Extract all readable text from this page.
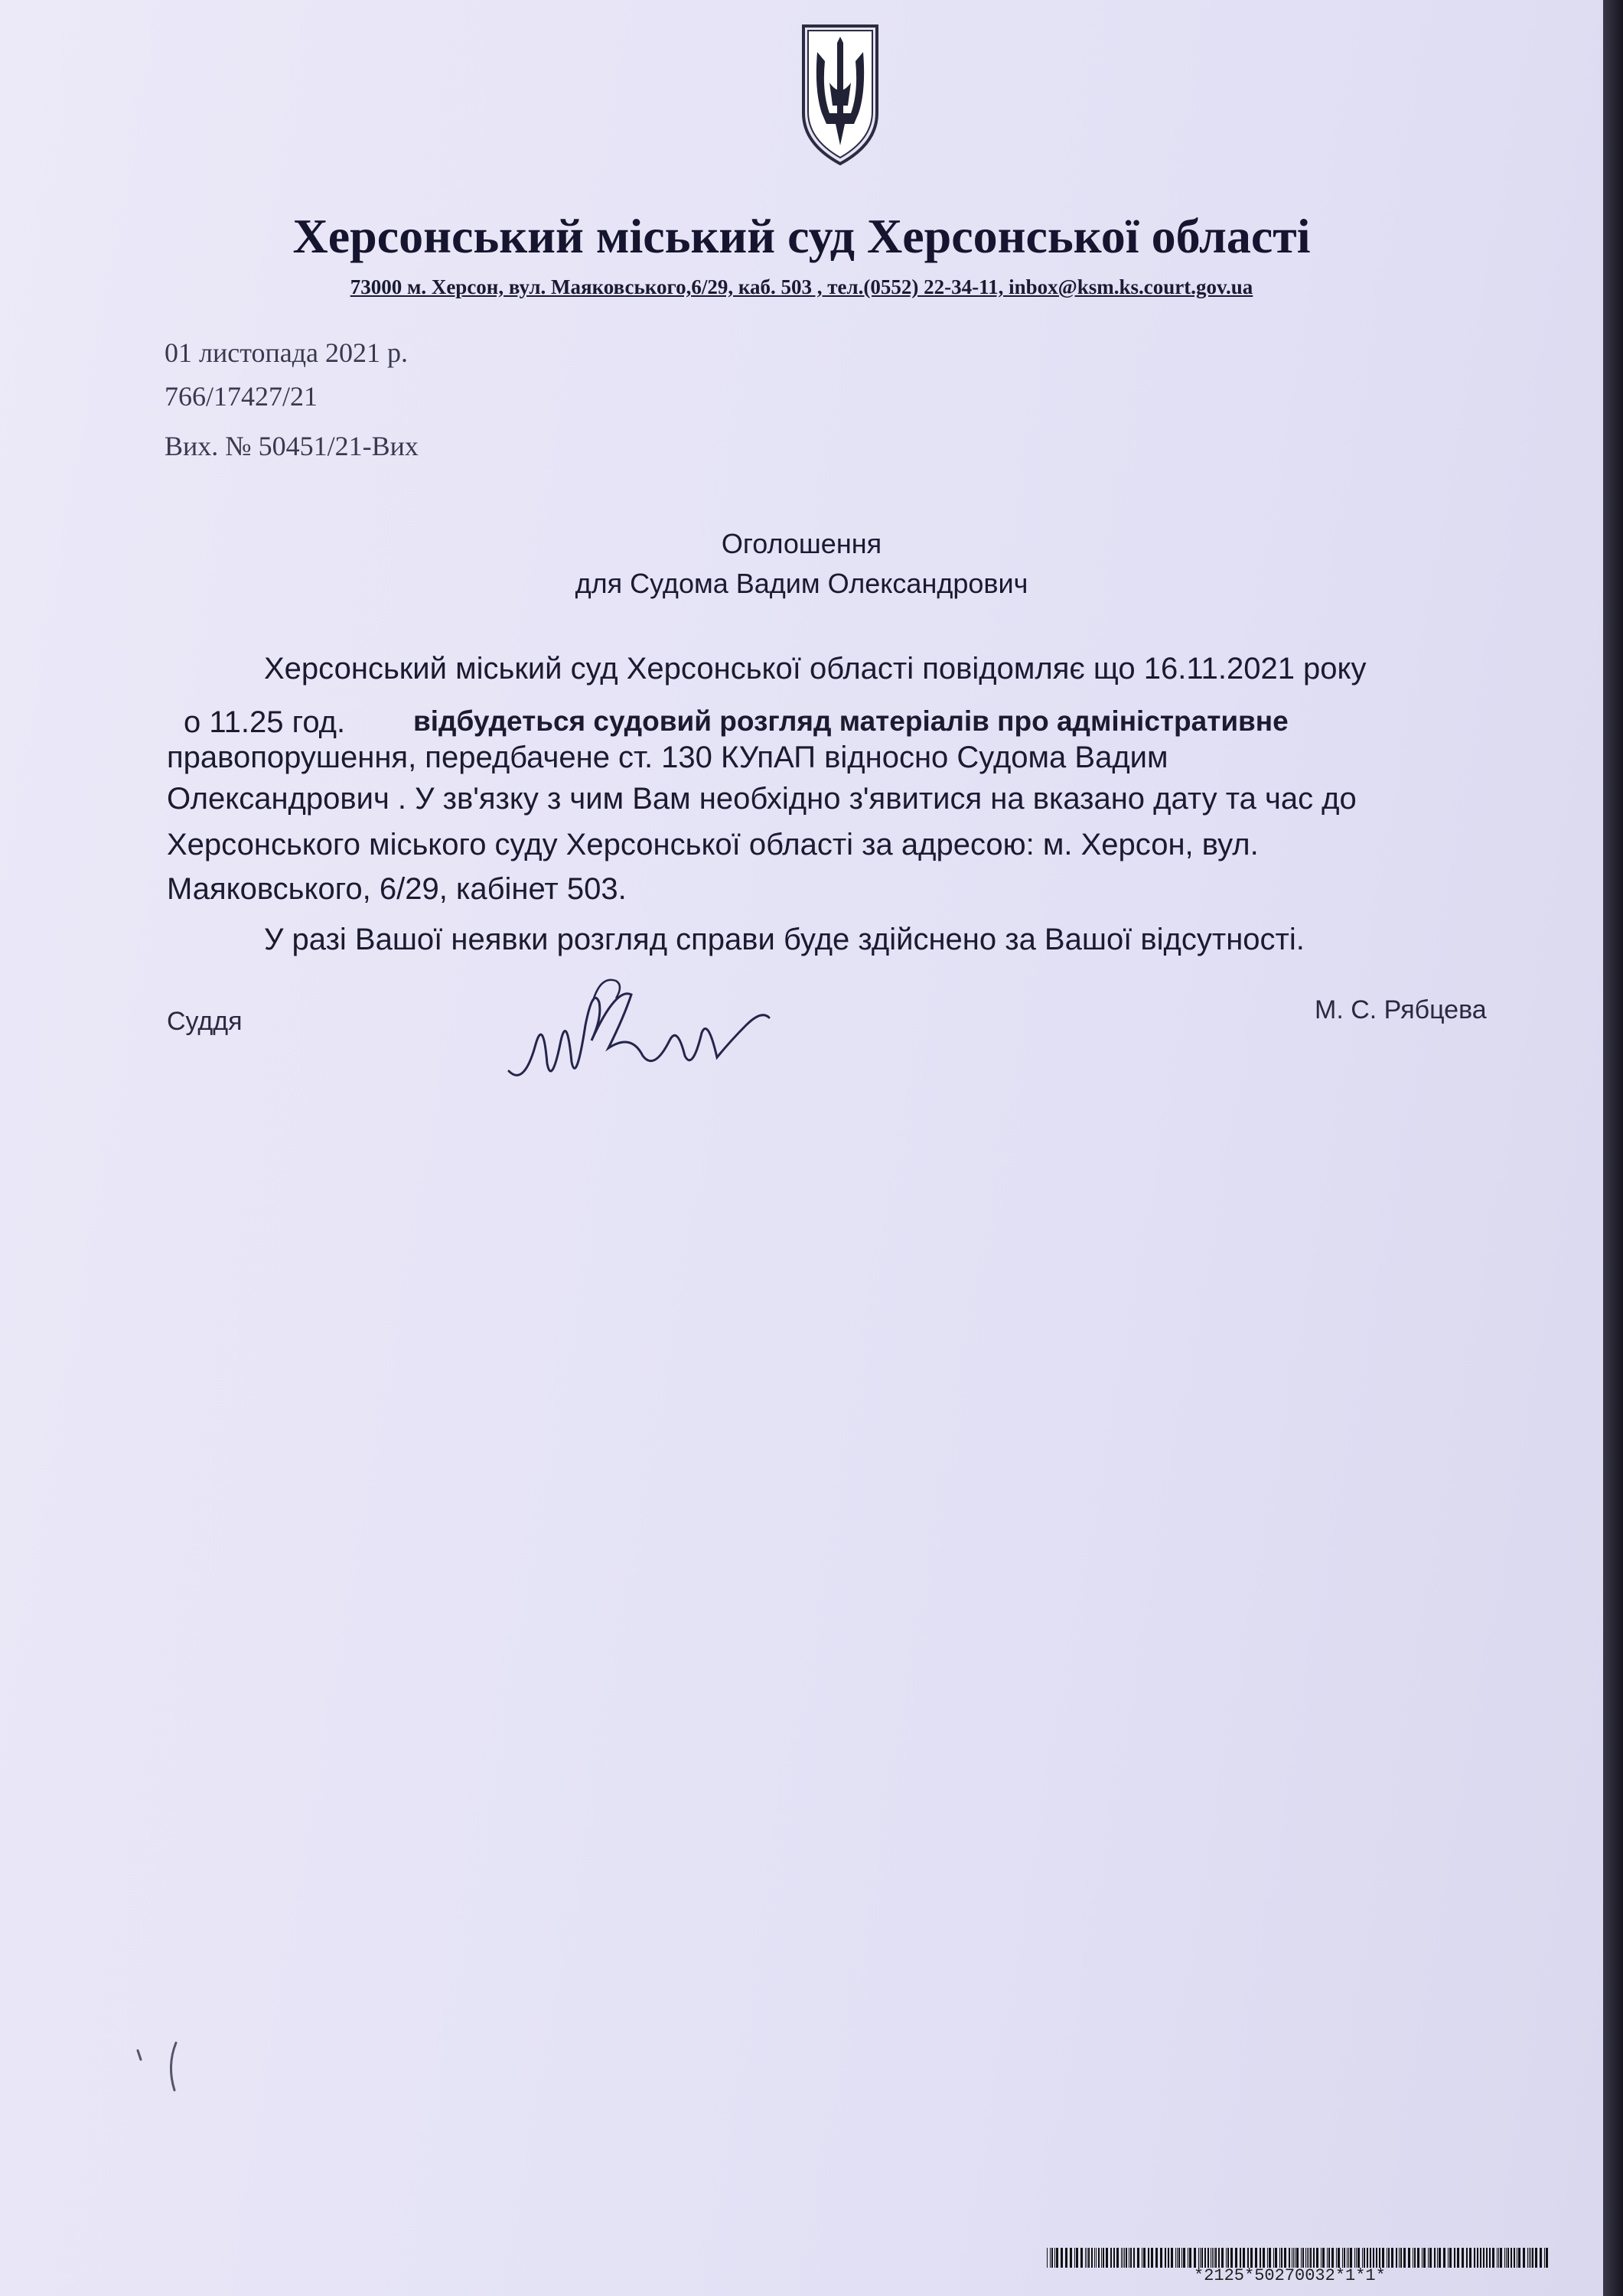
Херсонський міський суд Херсонської області
73000 м. Херсон, вул. Маяковського,6/29, каб. 503 , тел.(0552) 22-34-11, inbox@ksm.ks.court.gov.ua
01 листопада 2021 р.
766/17427/21
Вих. № 50451/21-Вих
Оголошення
для Судома Вадим Олександрович
Херсонський міський суд Херсонської області повідомляє що 16.11.2021 року
о 11.25 год. відбудеться судовий розгляд матеріалів про адміністративне
правопорушення, передбачене ст. 130 КУпАП відносно Судома Вадим
Олександрович . У зв'язку з чим Вам необхідно з'явитися на вказано дату та час до
Херсонського міського суду Херсонської області за адресою: м. Херсон, вул.
Маяковського, 6/29, кабінет 503.
У разі Вашої неявки розгляд справи буде здійснено за Вашої відсутності.
Суддя	М. С. Рябцева
*2125*50270032*1*1*
